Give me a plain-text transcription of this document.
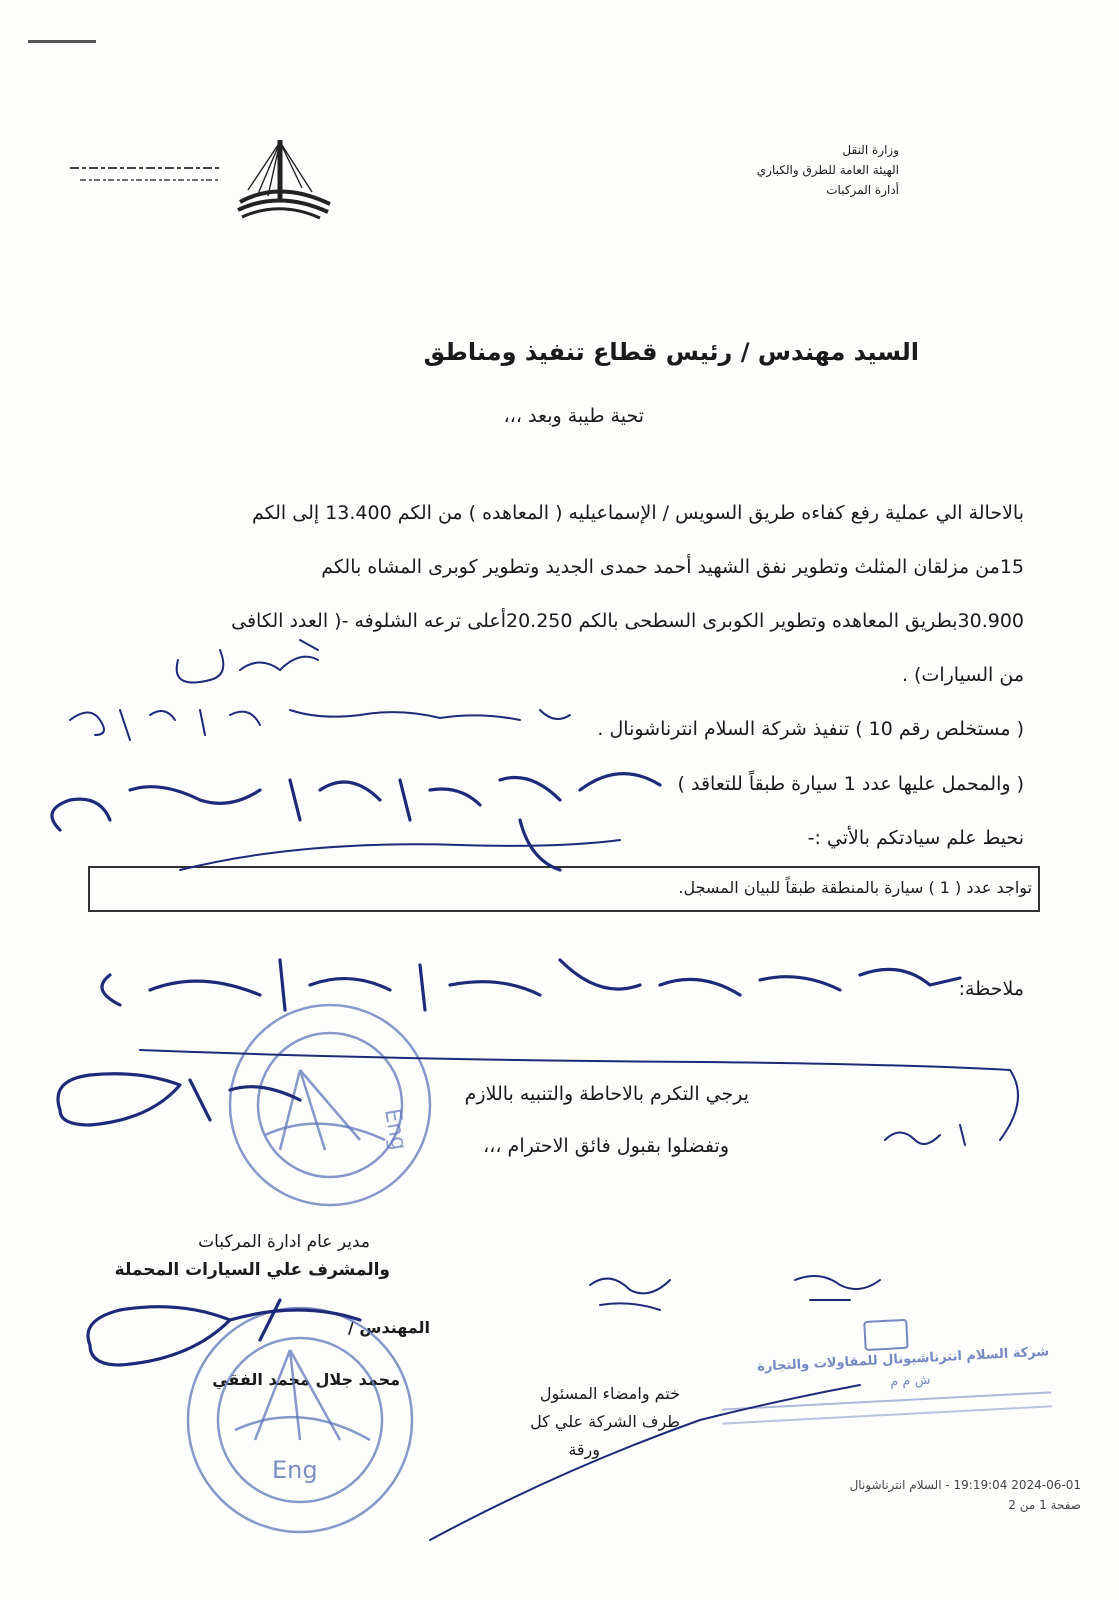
وزارة النقل
الهيئة العامة للطرق والكباري
أدارة المركبات
السيد مهندس / رئيس قطاع تنفيذ ومناطق
تحية طيبة وبعد ،،،
بالاحالة الي عملية رفع كفاءه طريق السويس / الإسماعيليه ( المعاهده ) من الكم 13.400 إلى الكم
15من مزلقان المثلث وتطوير نفق الشهيد أحمد حمدى الجديد وتطوير كوبرى المشاه بالكم
30.900بطريق المعاهده وتطوير الكوبرى السطحى بالكم 20.250أعلى ترعه الشلوفه -( العدد الكافى
من السيارات) .
( مستخلص رقم 10 ) تنفيذ شركة السلام انترناشونال .
( والمحمل عليها عدد 1 سيارة طبقاً للتعاقد )
نحيط علم سيادتكم بالأتي :-
تواجد عدد ( 1 ) سيارة بالمنطقة طبقاً للبيان المسجل.
ملاحظة:
يرجي التكرم بالاحاطة والتنبيه باللازم
وتفضلوا بقبول فائق الاحترام ،،،
مدير عام ادارة المركبات
والمشرف علي السيارات المحملة
المهندس /
محمد جلال محمد الفقي
ختم وامضاء المسئول
طرف الشركة علي كل
ورقة
شركة السلام انترناشيونال للمقاولات والتجارة
ش م م
2024-06-01 19:19:04 - السلام انترناشونال
صفحة 1 من 2
Eng
Eng
